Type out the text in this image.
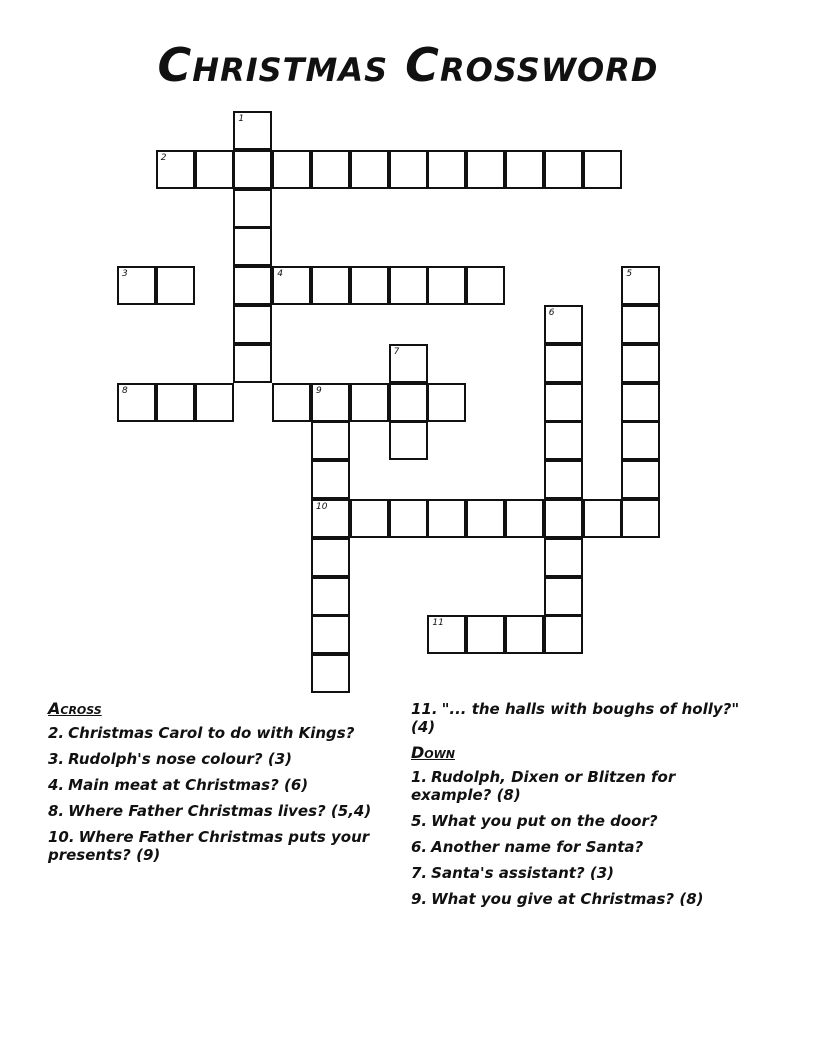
Christmas Crossword
1
2
3	4	5
6
7
8	9
10
11
Across
2. Christmas Carol to do with Kings?
3. Rudolph's nose colour? (3)
4. Main meat at Christmas? (6)
8. Where Father Christmas lives? (5,4)
10. Where Father Christmas puts your presents? (9)
11. "... the halls with boughs of holly?" (4)
Down
1. Rudolph, Dixen or Blitzen for example? (8)
5. What you put on the door?
6. Another name for Santa?
7. Santa's assistant? (3)
9. What you give at Christmas? (8)
